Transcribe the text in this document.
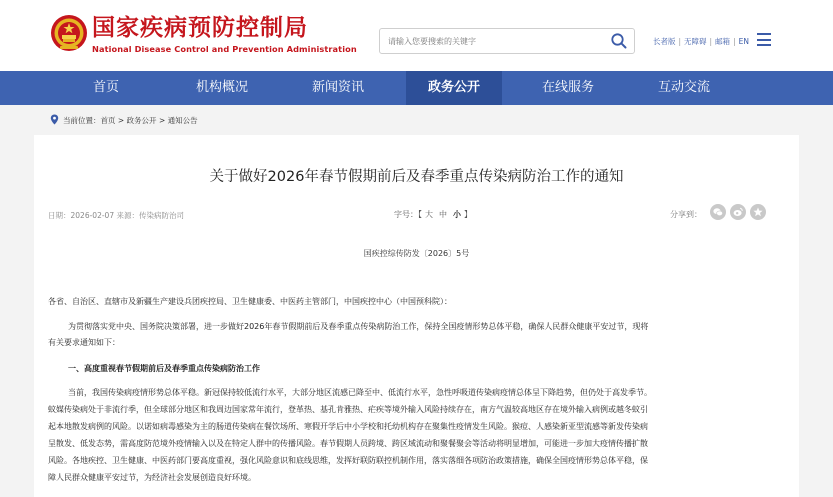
国家疾病预防控制局
National Disease Control and Prevention Administration
请输入您要搜索的关键字
长者版 | 无障碍 | 邮箱 | EN
首页	机构概况	新闻资讯	政务公开	在线服务	互动交流
当前位置：首页 > 政务公开 > 通知公告
关于做好2026年春节假期前后及春季重点传染病防治工作的通知
日期：2026-02-07 来源：传染病防治司	字号：【 大 中 小 】	分享到：
国疾控综传防发〔2026〕5号
各省、自治区、直辖市及新疆生产建设兵团疾控局、卫生健康委、中医药主管部门，中国疾控中心（中国预科院）：
为贯彻落实党中央、国务院决策部署，进一步做好2026年春节假期前后及春季重点传染病防治工作，保持全国疫情形势总体平稳，确保人民群众健康平安过节，现将
有关要求通知如下：
一、高度重视春节假期前后及春季重点传染病防治工作
当前，我国传染病疫情形势总体平稳。新冠保持较低流行水平，大部分地区流感已降至中、低流行水平，急性呼吸道传染病疫情总体呈下降趋势，但仍处于高发季节。
蚊媒传染病处于非流行季，但全球部分地区和我周边国家常年流行，登革热、基孔肯雅热、疟疾等境外输入风险持续存在，南方气温较高地区存在境外输入病例或越冬蚊引
起本地散发病例的风险。以诺如病毒感染为主的肠道传染病在餐饮场所、寒假开学后中小学校和托幼机构存在聚集性疫情发生风险。猴痘、人感染新亚型流感等新发传染病
呈散发、低发态势，需高度防范境外疫情输入以及在特定人群中的传播风险。春节假期人员跨境、跨区域流动和聚餐聚会等活动将明显增加，可能进一步加大疫情传播扩散
风险。各地疾控、卫生健康、中医药部门要高度重视，强化风险意识和底线思维，发挥好联防联控机制作用，落实落细各项防治政策措施，确保全国疫情形势总体平稳，保
障人民群众健康平安过节，为经济社会发展创造良好环境。
